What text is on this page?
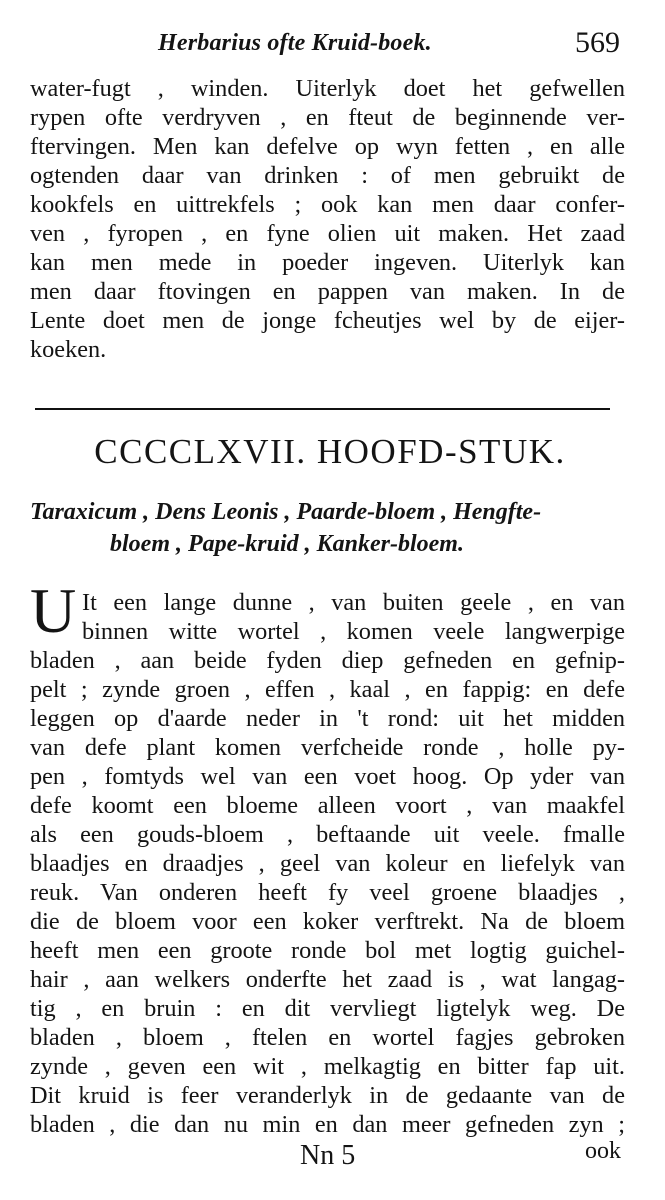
Herbarius ofte Kruid-boek.	569
water-fugt , winden. Uiterlyk doet het gefwellen
rypen ofte verdryven , en fteut de beginnende ver-
ftervingen. Men kan defelve op wyn fetten , en alle
ogtenden daar van drinken : of men gebruikt de
kookfels en uittrekfels ; ook kan men daar confer-
ven , fyropen , en fyne olien uit maken. Het zaad
kan men mede in poeder ingeven. Uiterlyk kan
men daar ftovingen en pappen van maken. In de
Lente doet men de jonge fcheutjes wel by de eijer-
koeken.
CCCCLXVII. HOOFD-STUK.
Taraxicum , Dens Leonis , Paarde-bloem , Hengfte-
bloem , Pape-kruid , Kanker-bloem.
U It een lange dunne , van buiten geele , en van
binnen witte wortel , komen veele langwerpige
bladen , aan beide fyden diep gefneden en gefnip-
pelt ; zynde groen , effen , kaal , en fappig: en defe
leggen op d'aarde neder in 't rond: uit het midden
van defe plant komen verfcheide ronde , holle py-
pen , fomtyds wel van een voet hoog. Op yder van
defe koomt een bloeme alleen voort , van maakfel
als een gouds-bloem , beftaande uit veele. fmalle
blaadjes en draadjes , geel van koleur en liefelyk van
reuk. Van onderen heeft fy veel groene blaadjes ,
die de bloem voor een koker verftrekt. Na de bloem
heeft men een groote ronde bol met logtig guichel-
hair , aan welkers onderfte het zaad is , wat langag-
tig , en bruin : en dit vervliegt ligtelyk weg. De
bladen , bloem , ftelen en wortel fagjes gebroken
zynde , geven een wit , melkagtig en bitter fap uit.
Dit kruid is feer veranderlyk in de gedaante van de
bladen , die dan nu min en dan meer gefneden zyn ;
Nn 5	ook
